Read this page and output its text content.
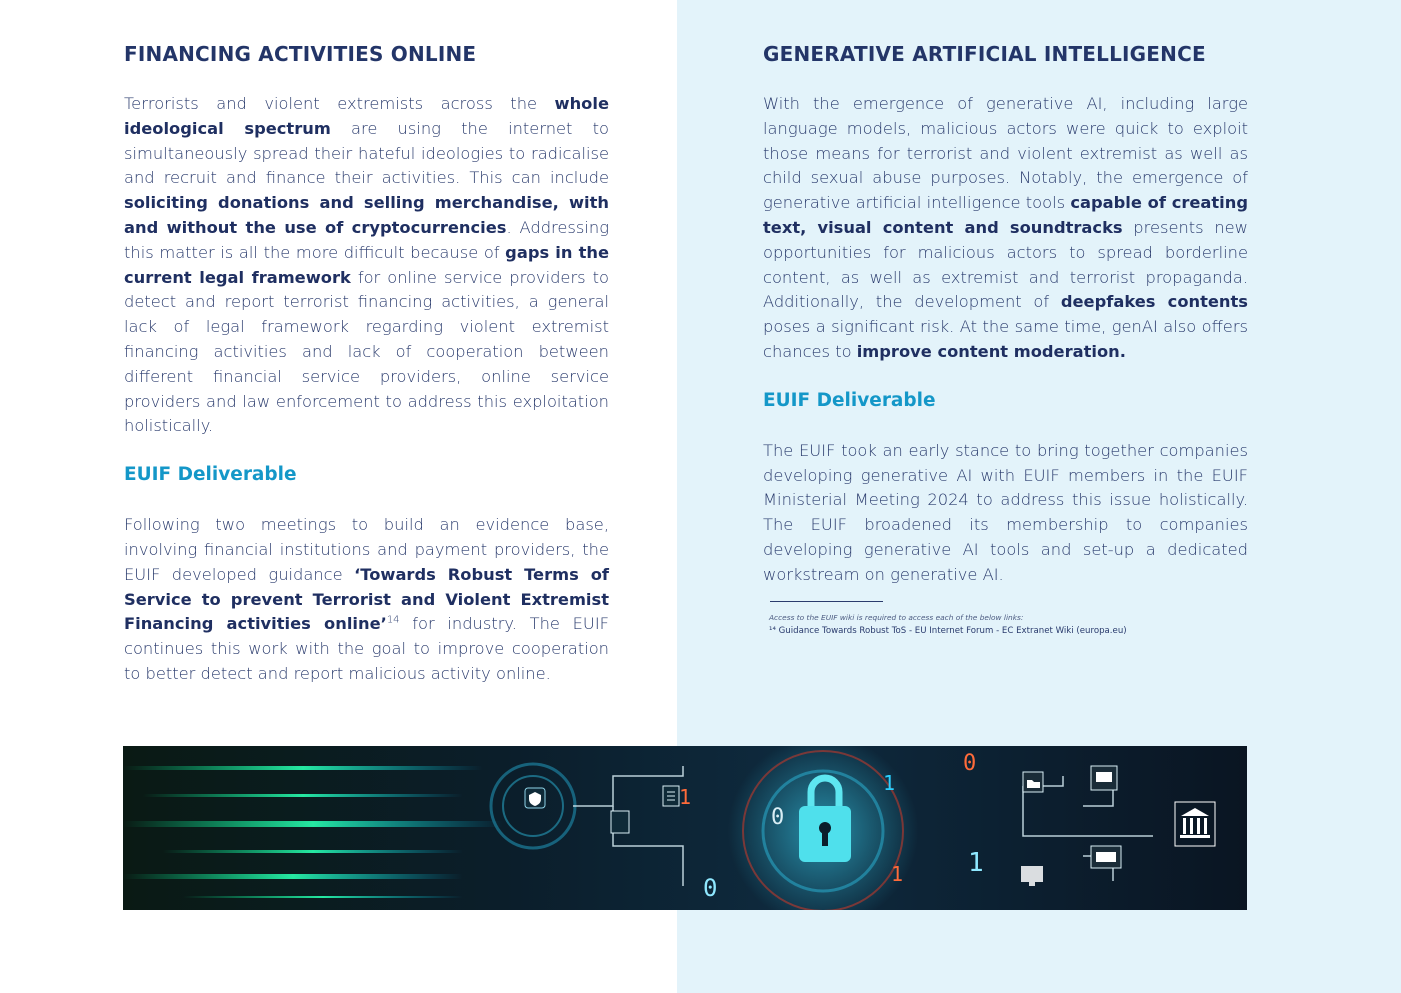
FINANCING ACTIVITIES ONLINE

Terrorists and violent extremists across the whole ideological spectrum are using the internet to simultaneously spread their hateful ideologies to radicalise and recruit and finance their activities. This can include soliciting donations and selling merchandise, with and without the use of cryptocurrencies. Addressing this matter is all the more difficult because of gaps in the current legal framework for online service providers to detect and report terrorist financing activities, a general lack of legal framework regarding violent extremist financing activities and lack of cooperation between different financial service providers, online service providers and law enforcement to address this exploitation holistically.

EUIF Deliverable

Following two meetings to build an evidence base, involving financial institutions and payment providers, the EUIF developed guidance ‘Towards Robust Terms of Service to prevent Terrorist and Violent Extremist Financing activities online’$^{14}$ for industry. The EUIF continues this work with the goal to improve cooperation to better detect and report malicious activity online.

GENERATIVE ARTIFICIAL INTELLIGENCE

With the emergence of generative AI, including large language models, malicious actors were quick to exploit those means for terrorist and violent extremist as well as child sexual abuse purposes. Notably, the emergence of generative artificial intelligence tools capable of creating text, visual content and soundtracks presents new opportunities for malicious actors to spread borderline content, as well as extremist and terrorist propaganda. Additionally, the development of deepfakes contents poses a significant risk. At the same time, genAI also offers chances to improve content moderation.

EUIF Deliverable

The EUIF took an early stance to bring together companies developing generative AI with EUIF members in the EUIF Ministerial Meeting 2024 to address this issue holistically. The EUIF broadened its membership to companies developing generative AI tools and set-up a dedicated workstream on generative AI.

Access to the EUIF wiki is required to access each of the below links:
¹⁴ Guidance Towards Robust ToS - EU Internet Forum - EC Extranet Wiki (europa.eu)
1
0
1
0
1
0	1
